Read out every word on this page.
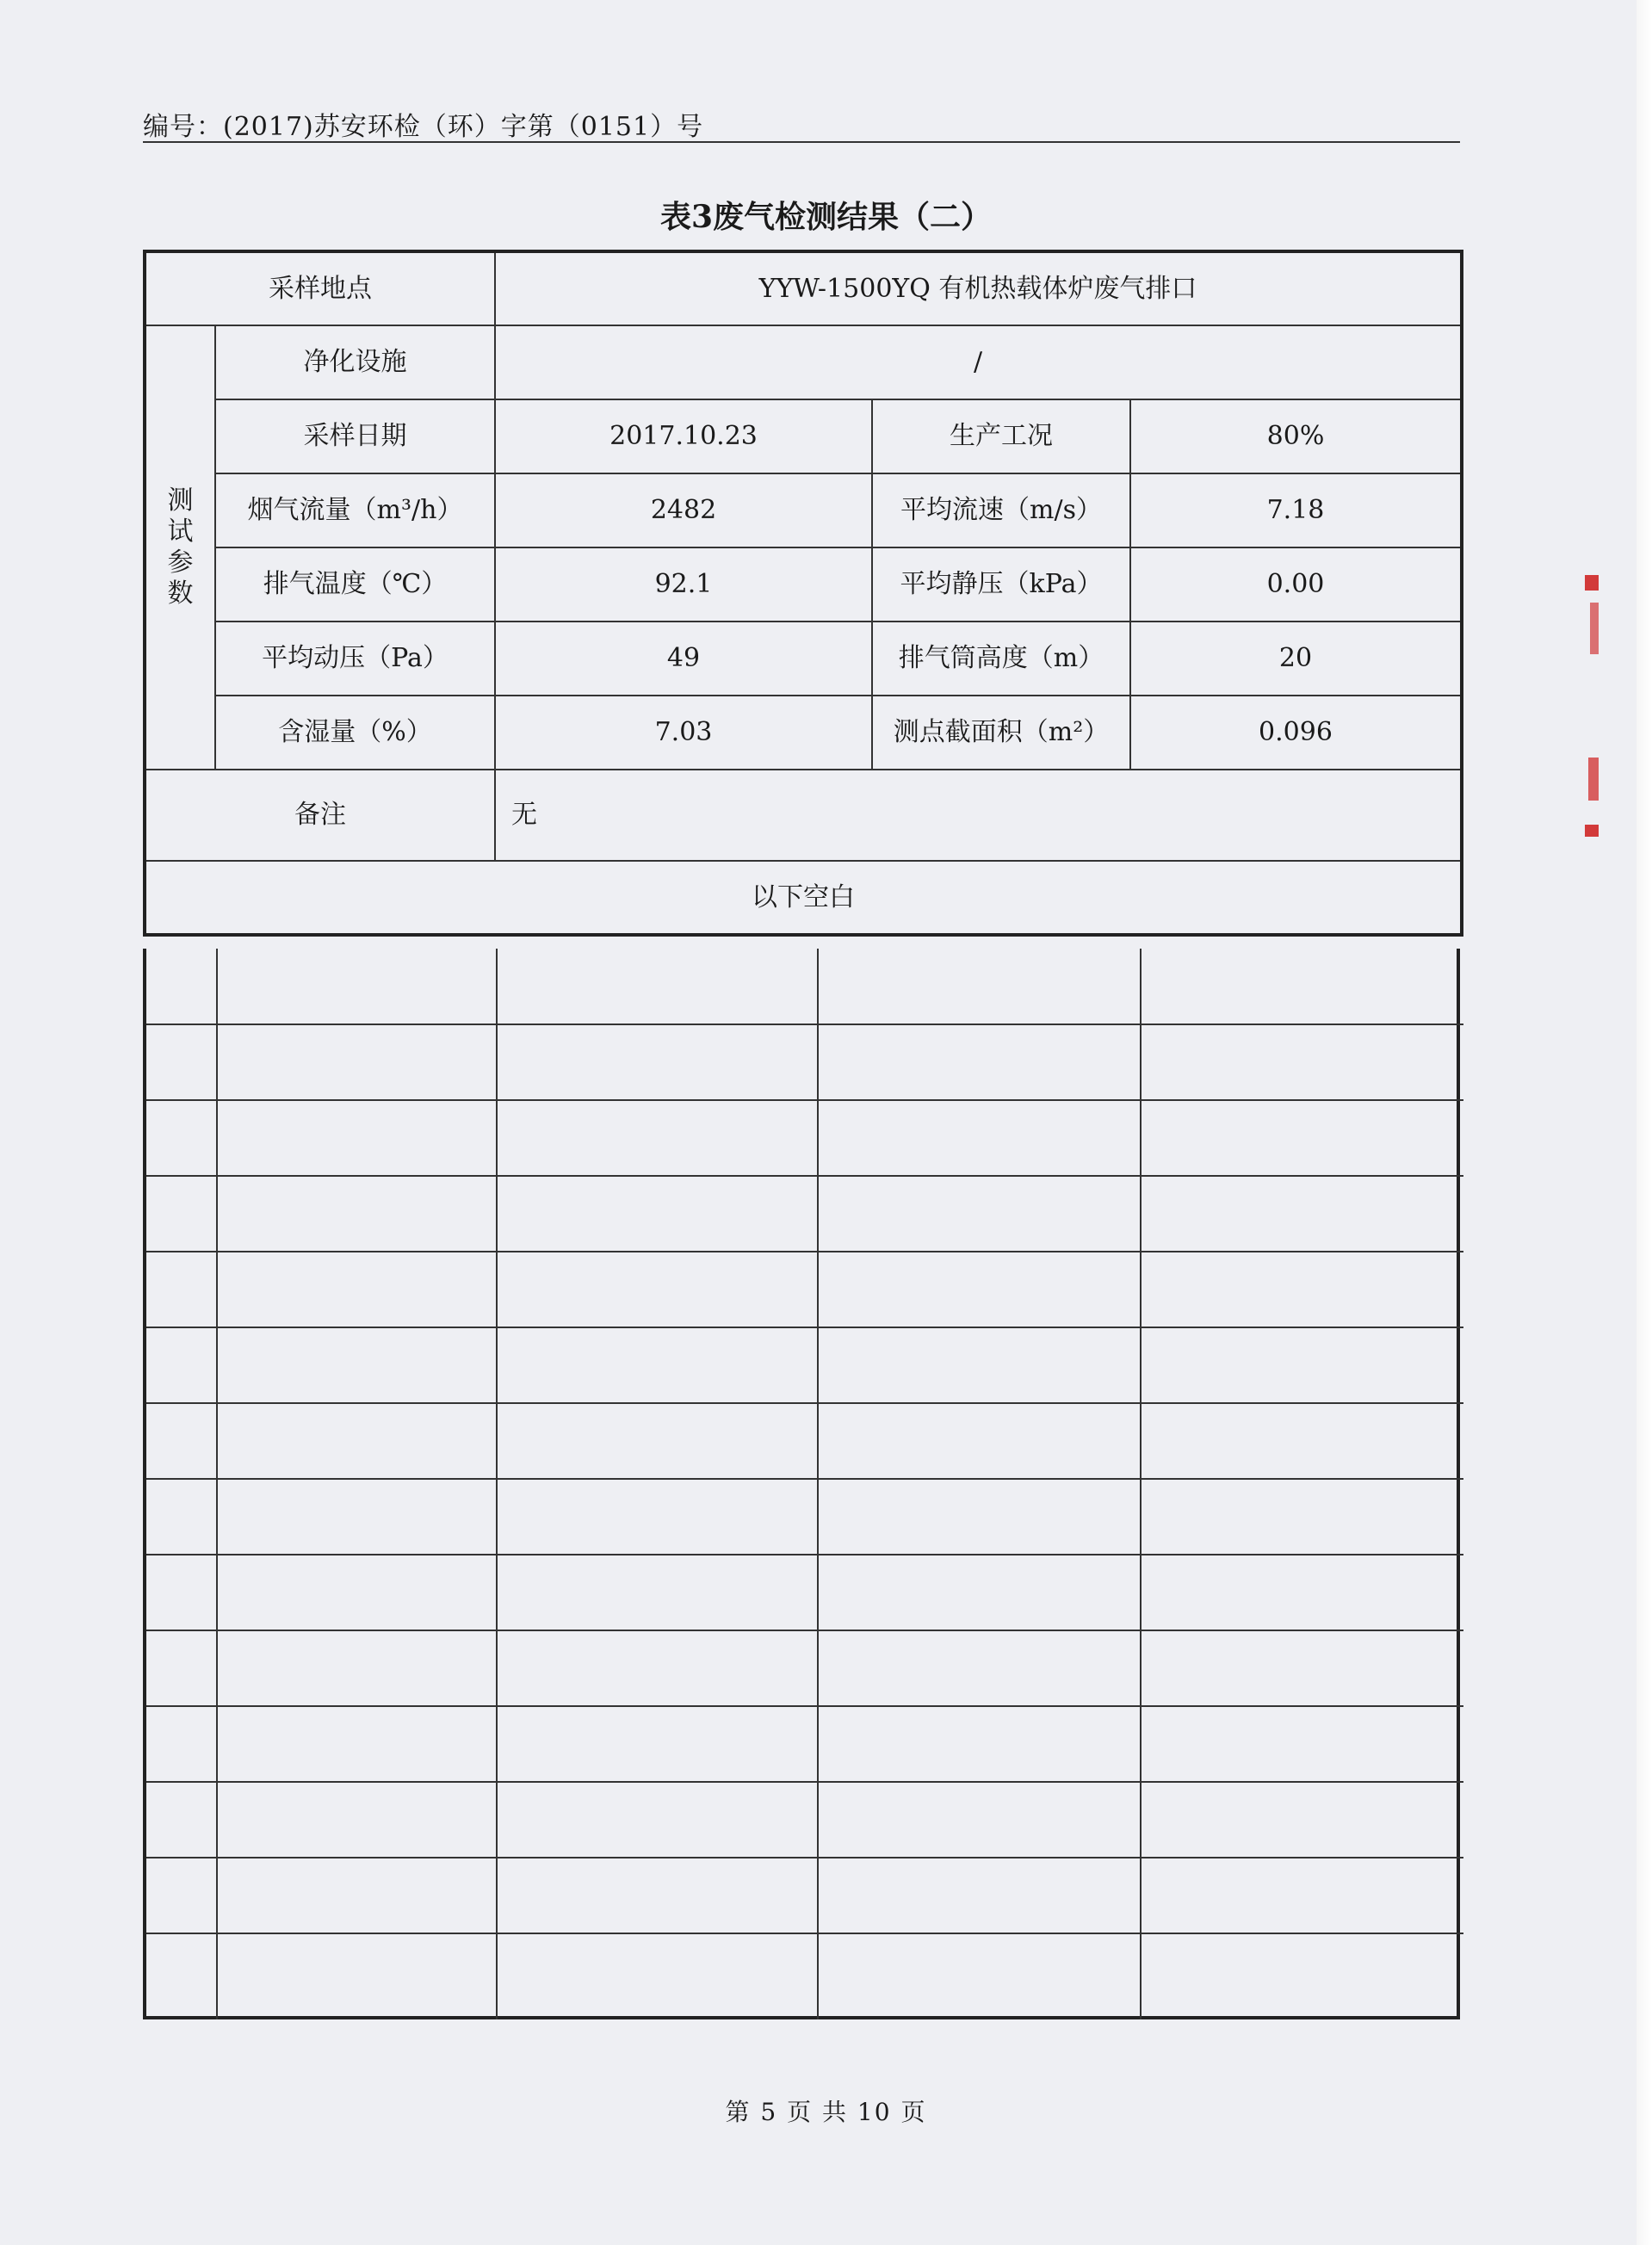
编号：(2017)苏安环检（环）字第（0151）号
表3废气检测结果（二）
采样地点		YYW-1500YQ 有机热载体炉废气排口		
测试参数	净化设施	/		
	采样日期	2017.10.23	生产工况	80%
	烟气流量（m³/h）	2482	平均流速（m/s）	7.18
	排气温度（℃）	92.1	平均静压（kPa）	0.00
	平均动压（Pa）	49	排气筒高度（m）	20
	含湿量（%）	7.03	测点截面积（m²）	0.096
备注		无		
以下空白				
第 5 页 共 10 页
